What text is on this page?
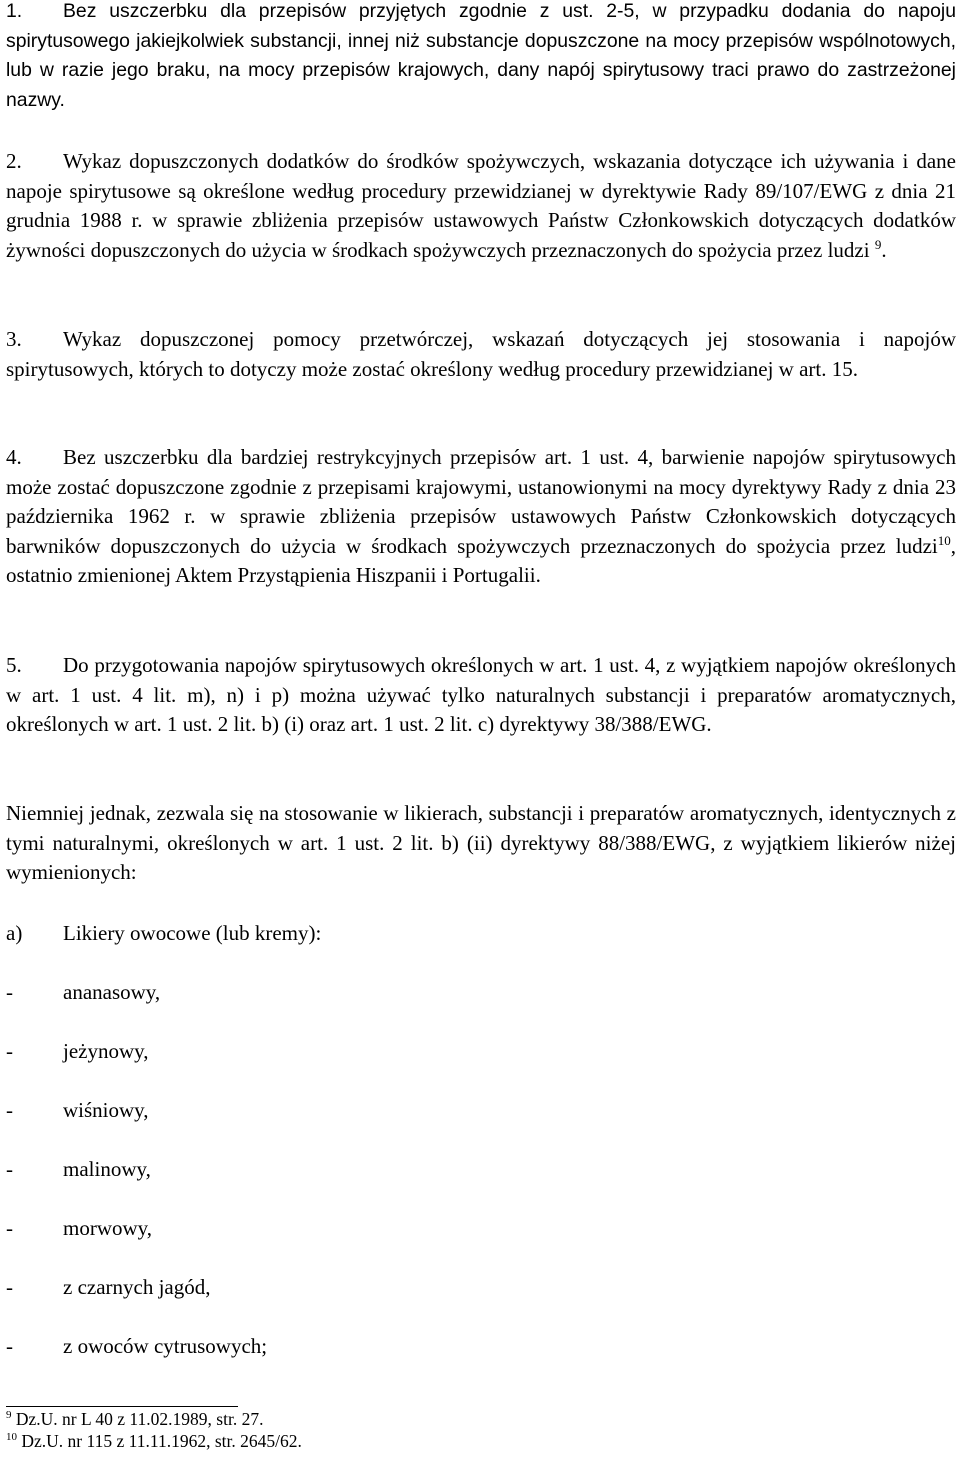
1. Bez uszczerbku dla przepisów przyjętych zgodnie z ust. 2-5, w przypadku dodania do napoju spirytusowego jakiejkolwiek substancji, innej niż substancje dopuszczone na mocy przepisów wspólnotowych, lub w razie jego braku, na mocy przepisów krajowych, dany napój spirytusowy traci prawo do zastrzeżonej nazwy.

2. Wykaz dopuszczonych dodatków do środków spożywczych, wskazania dotyczące ich używania i dane napoje spirytusowe są określone według procedury przewidzianej w dyrektywie Rady 89/107/EWG z dnia 21 grudnia 1988 r. w sprawie zbliżenia przepisów ustawowych Państw Członkowskich dotyczących dodatków żywności dopuszczonych do użycia w środkach spożywczych przeznaczonych do spożycia przez ludzi $^9$.

3. Wykaz dopuszczonej pomocy przetwórczej, wskazań dotyczących jej stosowania i napojów spirytusowych, których to dotyczy może zostać określony według procedury przewidzianej w art. 15.

4. Bez uszczerbku dla bardziej restrykcyjnych przepisów art. 1 ust. 4, barwienie napojów spirytusowych może zostać dopuszczone zgodnie z przepisami krajowymi, ustanowionymi na mocy dyrektywy Rady z dnia 23 października 1962 r. w sprawie zbliżenia przepisów ustawowych Państw Członkowskich dotyczących barwników dopuszczonych do użycia w środkach spożywczych przeznaczonych do spożycia przez ludzi$^{10}$, ostatnio zmienionej Aktem Przystąpienia Hiszpanii i Portugalii.

5. Do przygotowania napojów spirytusowych określonych w art. 1 ust. 4, z wyjątkiem napojów określonych w art. 1 ust. 4 lit. m), n) i p) można używać tylko naturalnych substancji i preparatów aromatycznych, określonych w art. 1 ust. 2 lit. b) (i) oraz art. 1 ust. 2 lit. c) dyrektywy 38/388/EWG.

Niemniej jednak, zezwala się na stosowanie w likierach, substancji i preparatów aromatycznych, identycznych z tymi naturalnymi, określonych w art. 1 ust. 2 lit. b) (ii) dyrektywy 88/388/EWG, z wyjątkiem likierów niżej wymienionych:

a) Likiery owocowe (lub kremy):
- ananasowy,
- jeżynowy,
- wiśniowy,
- malinowy,
- morwowy,
- z czarnych jagód,
- z owoców cytrusowych;
$^9$ Dz.U. nr L 40 z 11.02.1989, str. 27.
$^{10}$ Dz.U. nr 115 z 11.11.1962, str. 2645/62.
